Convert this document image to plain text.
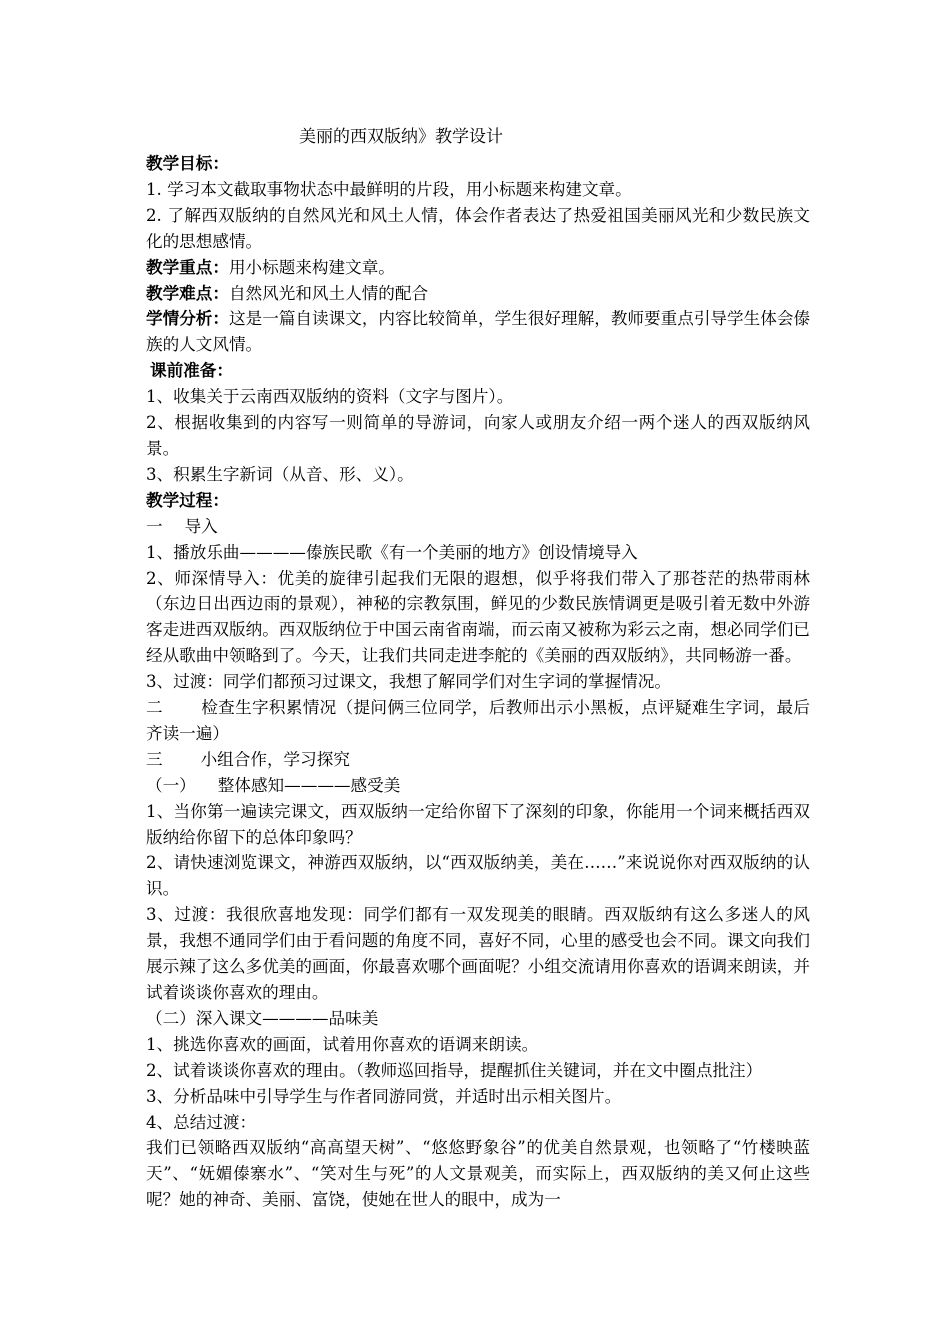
美丽的西双版纳》教学设计

教学目标：

1. 学习本文截取事物状态中最鲜明的片段，用小标题来构建文章。

2. 了解西双版纳的自然风光和风土人情，体会作者表达了热爱祖国美丽风光和少数民族文化的思想感情。

教学重点：用小标题来构建文章。

教学难点：自然风光和风土人情的配合

学情分析：这是一篇自读课文，内容比较简单，学生很好理解，教师要重点引导学生体会傣族的人文风情。

课前准备：

1、收集关于云南西双版纳的资料（文字与图片）。

2、根据收集到的内容写一则简单的导游词，向家人或朋友介绍一两个迷人的西双版纳风景。

3、积累生字新词（从音、形、义）。

教学过程：

一 导入

1、播放乐曲————傣族民歌《有一个美丽的地方》创设情境导入

2、师深情导入：优美的旋律引起我们无限的遐想，似乎将我们带入了那苍茫的热带雨林（东边日出西边雨的景观），神秘的宗教氛围，鲜见的少数民族情调更是吸引着无数中外游客走进西双版纳。西双版纳位于中国云南省南端，而云南又被称为彩云之南，想必同学们已经从歌曲中领略到了。今天，让我们共同走进李舵的《美丽的西双版纳》，共同畅游一番。

3、过渡：同学们都预习过课文，我想了解同学们对生字词的掌握情况。

二 检查生字积累情况（提问俩三位同学，后教师出示小黑板，点评疑难生字词，最后齐读一遍）

三 小组合作，学习探究

（一） 整体感知————感受美

1、当你第一遍读完课文，西双版纳一定给你留下了深刻的印象，你能用一个词来概括西双版纳给你留下的总体印象吗？

2、请快速浏览课文，神游西双版纳，以“西双版纳美，美在……”来说说你对西双版纳的认识。

3、过渡：我很欣喜地发现：同学们都有一双发现美的眼睛。西双版纳有这么多迷人的风景，我想不通同学们由于看问题的角度不同，喜好不同，心里的感受也会不同。课文向我们展示辣了这么多优美的画面，你最喜欢哪个画面呢？小组交流请用你喜欢的语调来朗读，并试着谈谈你喜欢的理由。

（二）深入课文————品味美

1、挑选你喜欢的画面，试着用你喜欢的语调来朗读。

2、试着谈谈你喜欢的理由。（教师巡回指导，提醒抓住关键词，并在文中圈点批注）

3、分析品味中引导学生与作者同游同赏，并适时出示相关图片。

4、总结过渡：

我们已领略西双版纳“高高望天树”、“悠悠野象谷”的优美自然景观，也领略了“竹楼映蓝天”、“妩媚傣寨水”、“笑对生与死”的人文景观美，而实际上，西双版纳的美又何止这些呢？她的神奇、美丽、富饶，使她在世人的眼中，成为一
